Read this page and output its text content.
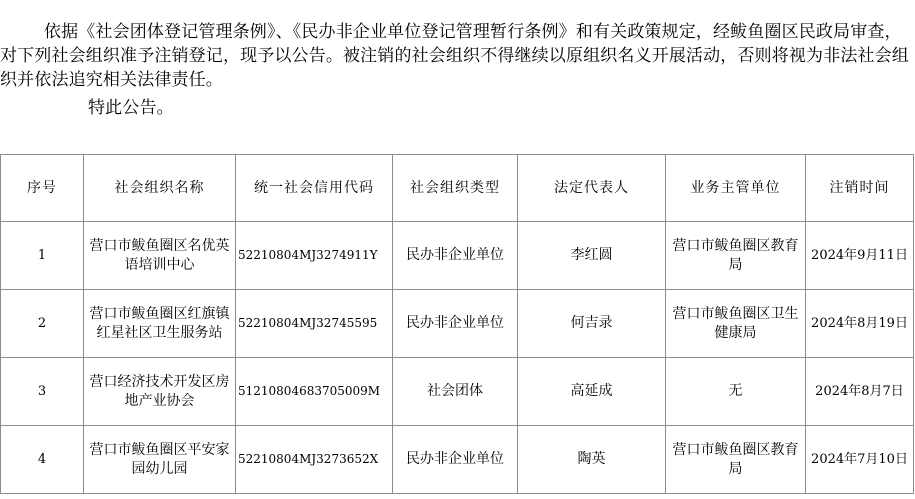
依据《社会团体登记管理条例》、《民办非企业单位登记管理暂行条例》和有关政策规定，经鲅鱼圈区民政局审查，对下列社会组织准予注销登记，现予以公告。被注销的社会组织不得继续以原组织名义开展活动，否则将视为非法社会组织并依法追究相关法律责任。

特此公告。

序号	社会组织名称	统一社会信用代码	社会组织类型	法定代表人	业务主管单位	注销时间
1	营口市鲅鱼圈区名优英语培训中心	52210804MJ3274911Y	民办非企业单位	李红圆	营口市鲅鱼圈区教育局	2024年9月11日
2	营口市鲅鱼圈区红旗镇红星社区卫生服务站	52210804MJ32745595	民办非企业单位	何吉录	营口市鲅鱼圈区卫生健康局	2024年8月19日
3	营口经济技术开发区房地产业协会	51210804683705009M	社会团体	高延成	无	2024年8月7日
4	营口市鲅鱼圈区平安家园幼儿园	52210804MJ3273652X	民办非企业单位	陶英	营口市鲅鱼圈区教育局	2024年7月10日
